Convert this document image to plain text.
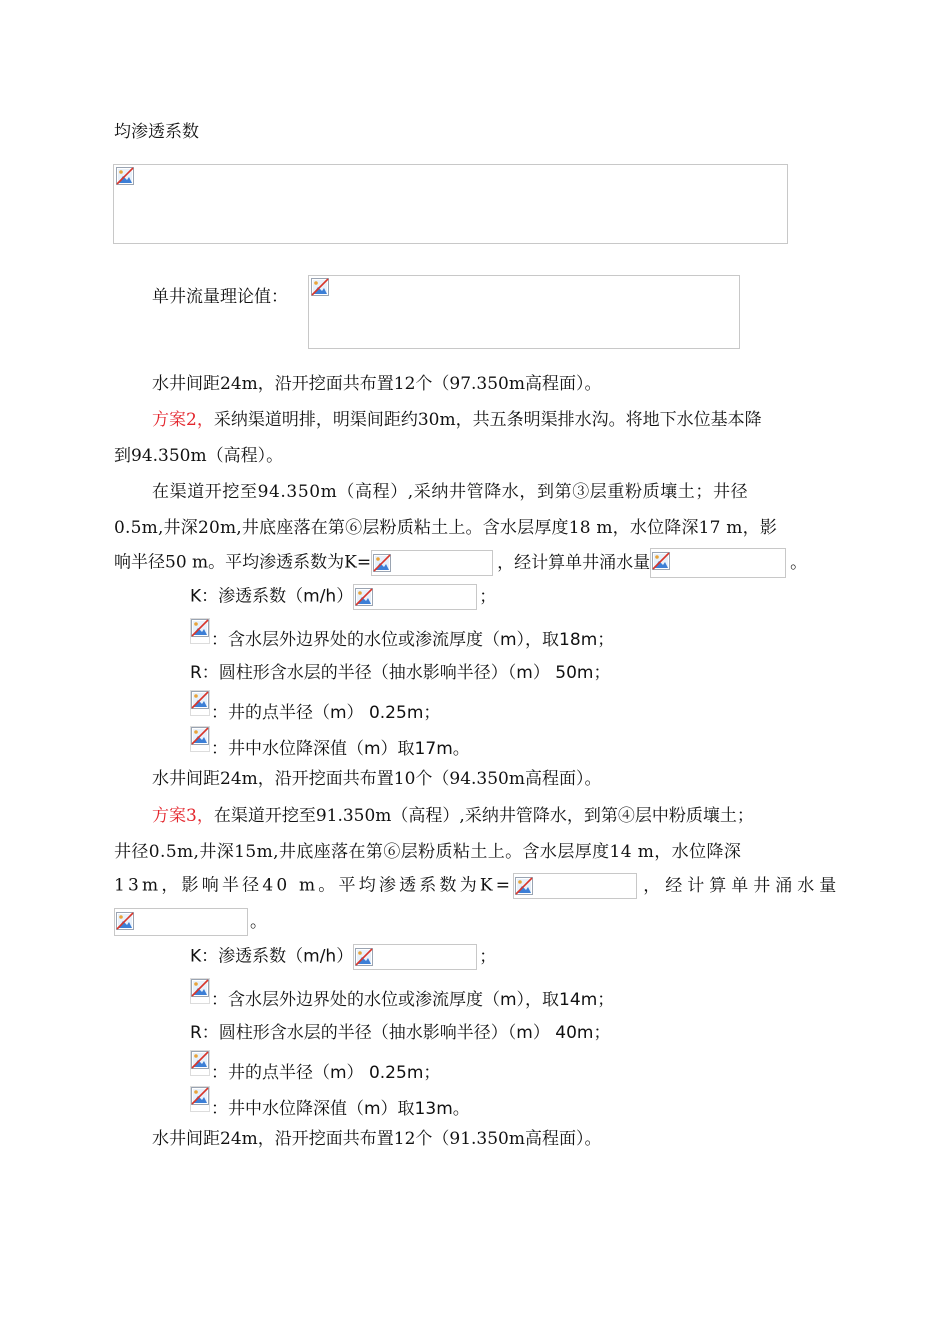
均渗透系数
单井流量理论值：
水井间距24m，沿开挖面共布置12个（97.350m高程面）。
方案2，采纳渠道明排，明渠间距约30m，共五条明渠排水沟。将地下水位基本降
到94.350m（高程）。
在渠道开挖至94.350m（高程）,采纳井管降水，到第③层重粉质壤土；井径
0.5m,井深20m,井底座落在第⑥层粉质粘土上。含水层厚度18 m，水位降深17 m，影
响半径50 m。平均渗透系数为K=	，经计算单井涌水量	。
K：渗透系数（m/h）	；
：含水层外边界处的水位或渗流厚度（m），取18m；
R：圆柱形含水层的半径（抽水影响半径）（m） 50m；
：井的点半径（m） 0.25m；
：井中水位降深值（m）取17m。
水井间距24m，沿开挖面共布置10个（94.350m高程面）。
方案3，在渠道开挖至91.350m（高程）,采纳井管降水，到第④层中粉质壤土；
井径0.5m,井深15m,井底座落在第⑥层粉质粘土上。含水层厚度14 m，水位降深
13m，影响半径40 m。平均渗透系数为K=	，经计算单井涌水量
。
K：渗透系数（m/h）	；
：含水层外边界处的水位或渗流厚度（m），取14m；
R：圆柱形含水层的半径（抽水影响半径）（m） 40m；
：井的点半径（m） 0.25m；
：井中水位降深值（m）取13m。
水井间距24m，沿开挖面共布置12个（91.350m高程面）。
